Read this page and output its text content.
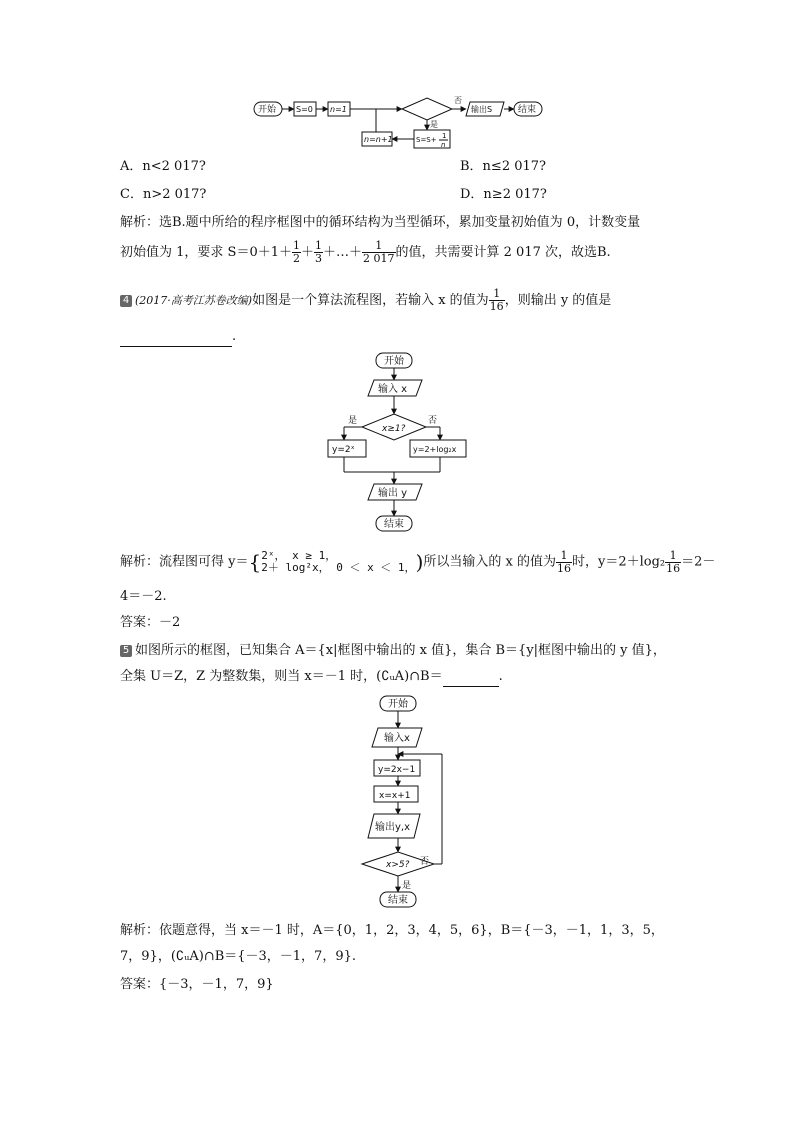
开始 S=0 n=1
否
是
输出S	结束
n=n+1	S=S+ 1
n
A．n<2 017?	B．n≤2 017?
C．n>2 017?	D．n≥2 017?
解析：选B.题中所给的程序框图中的循环结构为当型循环，累加变量初始值为 0，计数变量
初始值为 1，要求 $S=0+1+ \frac{1}{2} + \frac{1}{3}$ ＋…＋ $\frac{1}{2 017}$ 的值，共需要计算 2 017 次，故选B.
4 (2017·高考江苏卷改编)如图是一个算法流程图，若输入 x 的值为 $\frac{1}{16}$ ，则输出 y 的值是
.
开始
输入 x
x≥1?
是	否
y=2ˣ	y=2+log₂x
输出 y
结束
解析：流程图可得 y＝{ 2ˣ， x ≥ 1，
2＋ log²x， 0 ＜ x ＜ 1， )所以当输入的 x 的值为 $\frac{1}{16}$ 时，$y=2+\log_2 \frac{1}{16} =2-$
4＝－2.
答案：－2
5 如图所示的框图，已知集合 A＝{x|框图中输出的 x 值}，集合 B＝{y|框图中输出的 y 值}，
全集 U＝Z，Z 为整数集，则当 x＝－1 时，(∁ᵤA)∩B＝	.
开始
输入x
y=2x−1
x=x+1
输出y,x
x>5? 否
是
结束
解析：依题意得，当 x＝－1 时，A＝{0，1，2，3，4，5，6}，B＝{－3，－1，1，3，5，
7，9}，(∁ᵤA)∩B＝{－3，－1，7，9}.
答案：{－3，－1，7，9}
